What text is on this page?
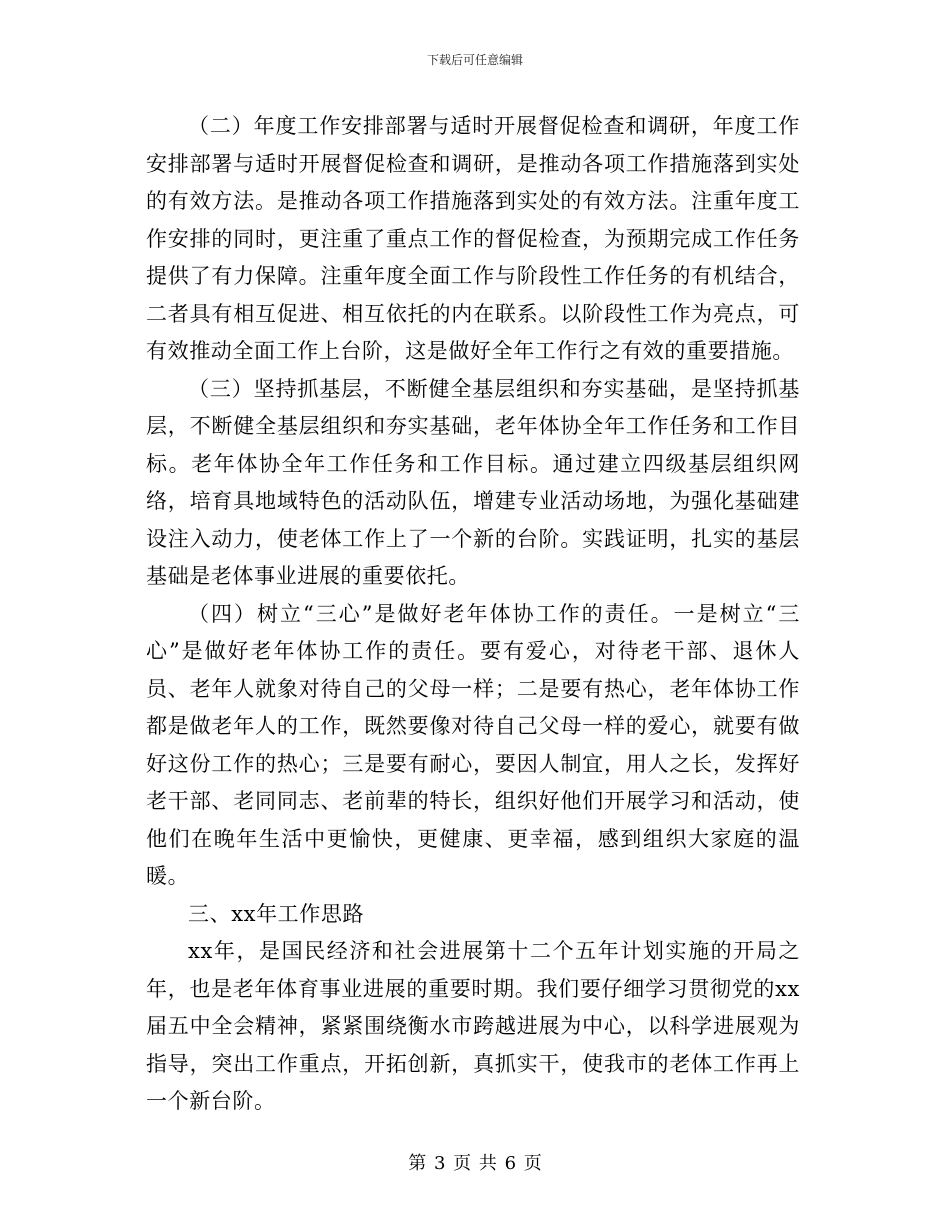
下载后可任意编辑

（二）年度工作安排部署与适时开展督促检查和调研，年度工作安排部署与适时开展督促检查和调研，是推动各项工作措施落到实处的有效方法。是推动各项工作措施落到实处的有效方法。注重年度工作安排的同时，更注重了重点工作的督促检查，为预期完成工作任务提供了有力保障。注重年度全面工作与阶段性工作任务的有机结合，二者具有相互促进、相互依托的内在联系。以阶段性工作为亮点，可有效推动全面工作上台阶，这是做好全年工作行之有效的重要措施。

（三）坚持抓基层，不断健全基层组织和夯实基础，是坚持抓基层，不断健全基层组织和夯实基础，老年体协全年工作任务和工作目标。老年体协全年工作任务和工作目标。通过建立四级基层组织网络，培育具地域特色的活动队伍，增建专业活动场地，为强化基础建设注入动力，使老体工作上了一个新的台阶。实践证明，扎实的基层基础是老体事业进展的重要依托。

（四）树立“三心”是做好老年体协工作的责任。一是树立“三心”是做好老年体协工作的责任。要有爱心，对待老干部、退休人员、老年人就象对待自己的父母一样；二是要有热心，老年体协工作都是做老年人的工作，既然要像对待自己父母一样的爱心，就要有做好这份工作的热心；三是要有耐心，要因人制宜，用人之长，发挥好老干部、老同同志、老前辈的特长，组织好他们开展学习和活动，使他们在晚年生活中更愉快，更健康、更幸福，感到组织大家庭的温暖。

三、xx年工作思路

xx年，是国民经济和社会进展第十二个五年计划实施的开局之年，也是老年体育事业进展的重要时期。我们要仔细学习贯彻党的xx届五中全会精神，紧紧围绕衡水市跨越进展为中心，以科学进展观为指导，突出工作重点，开拓创新，真抓实干，使我市的老体工作再上一个新台阶。

第 3 页 共 6 页
